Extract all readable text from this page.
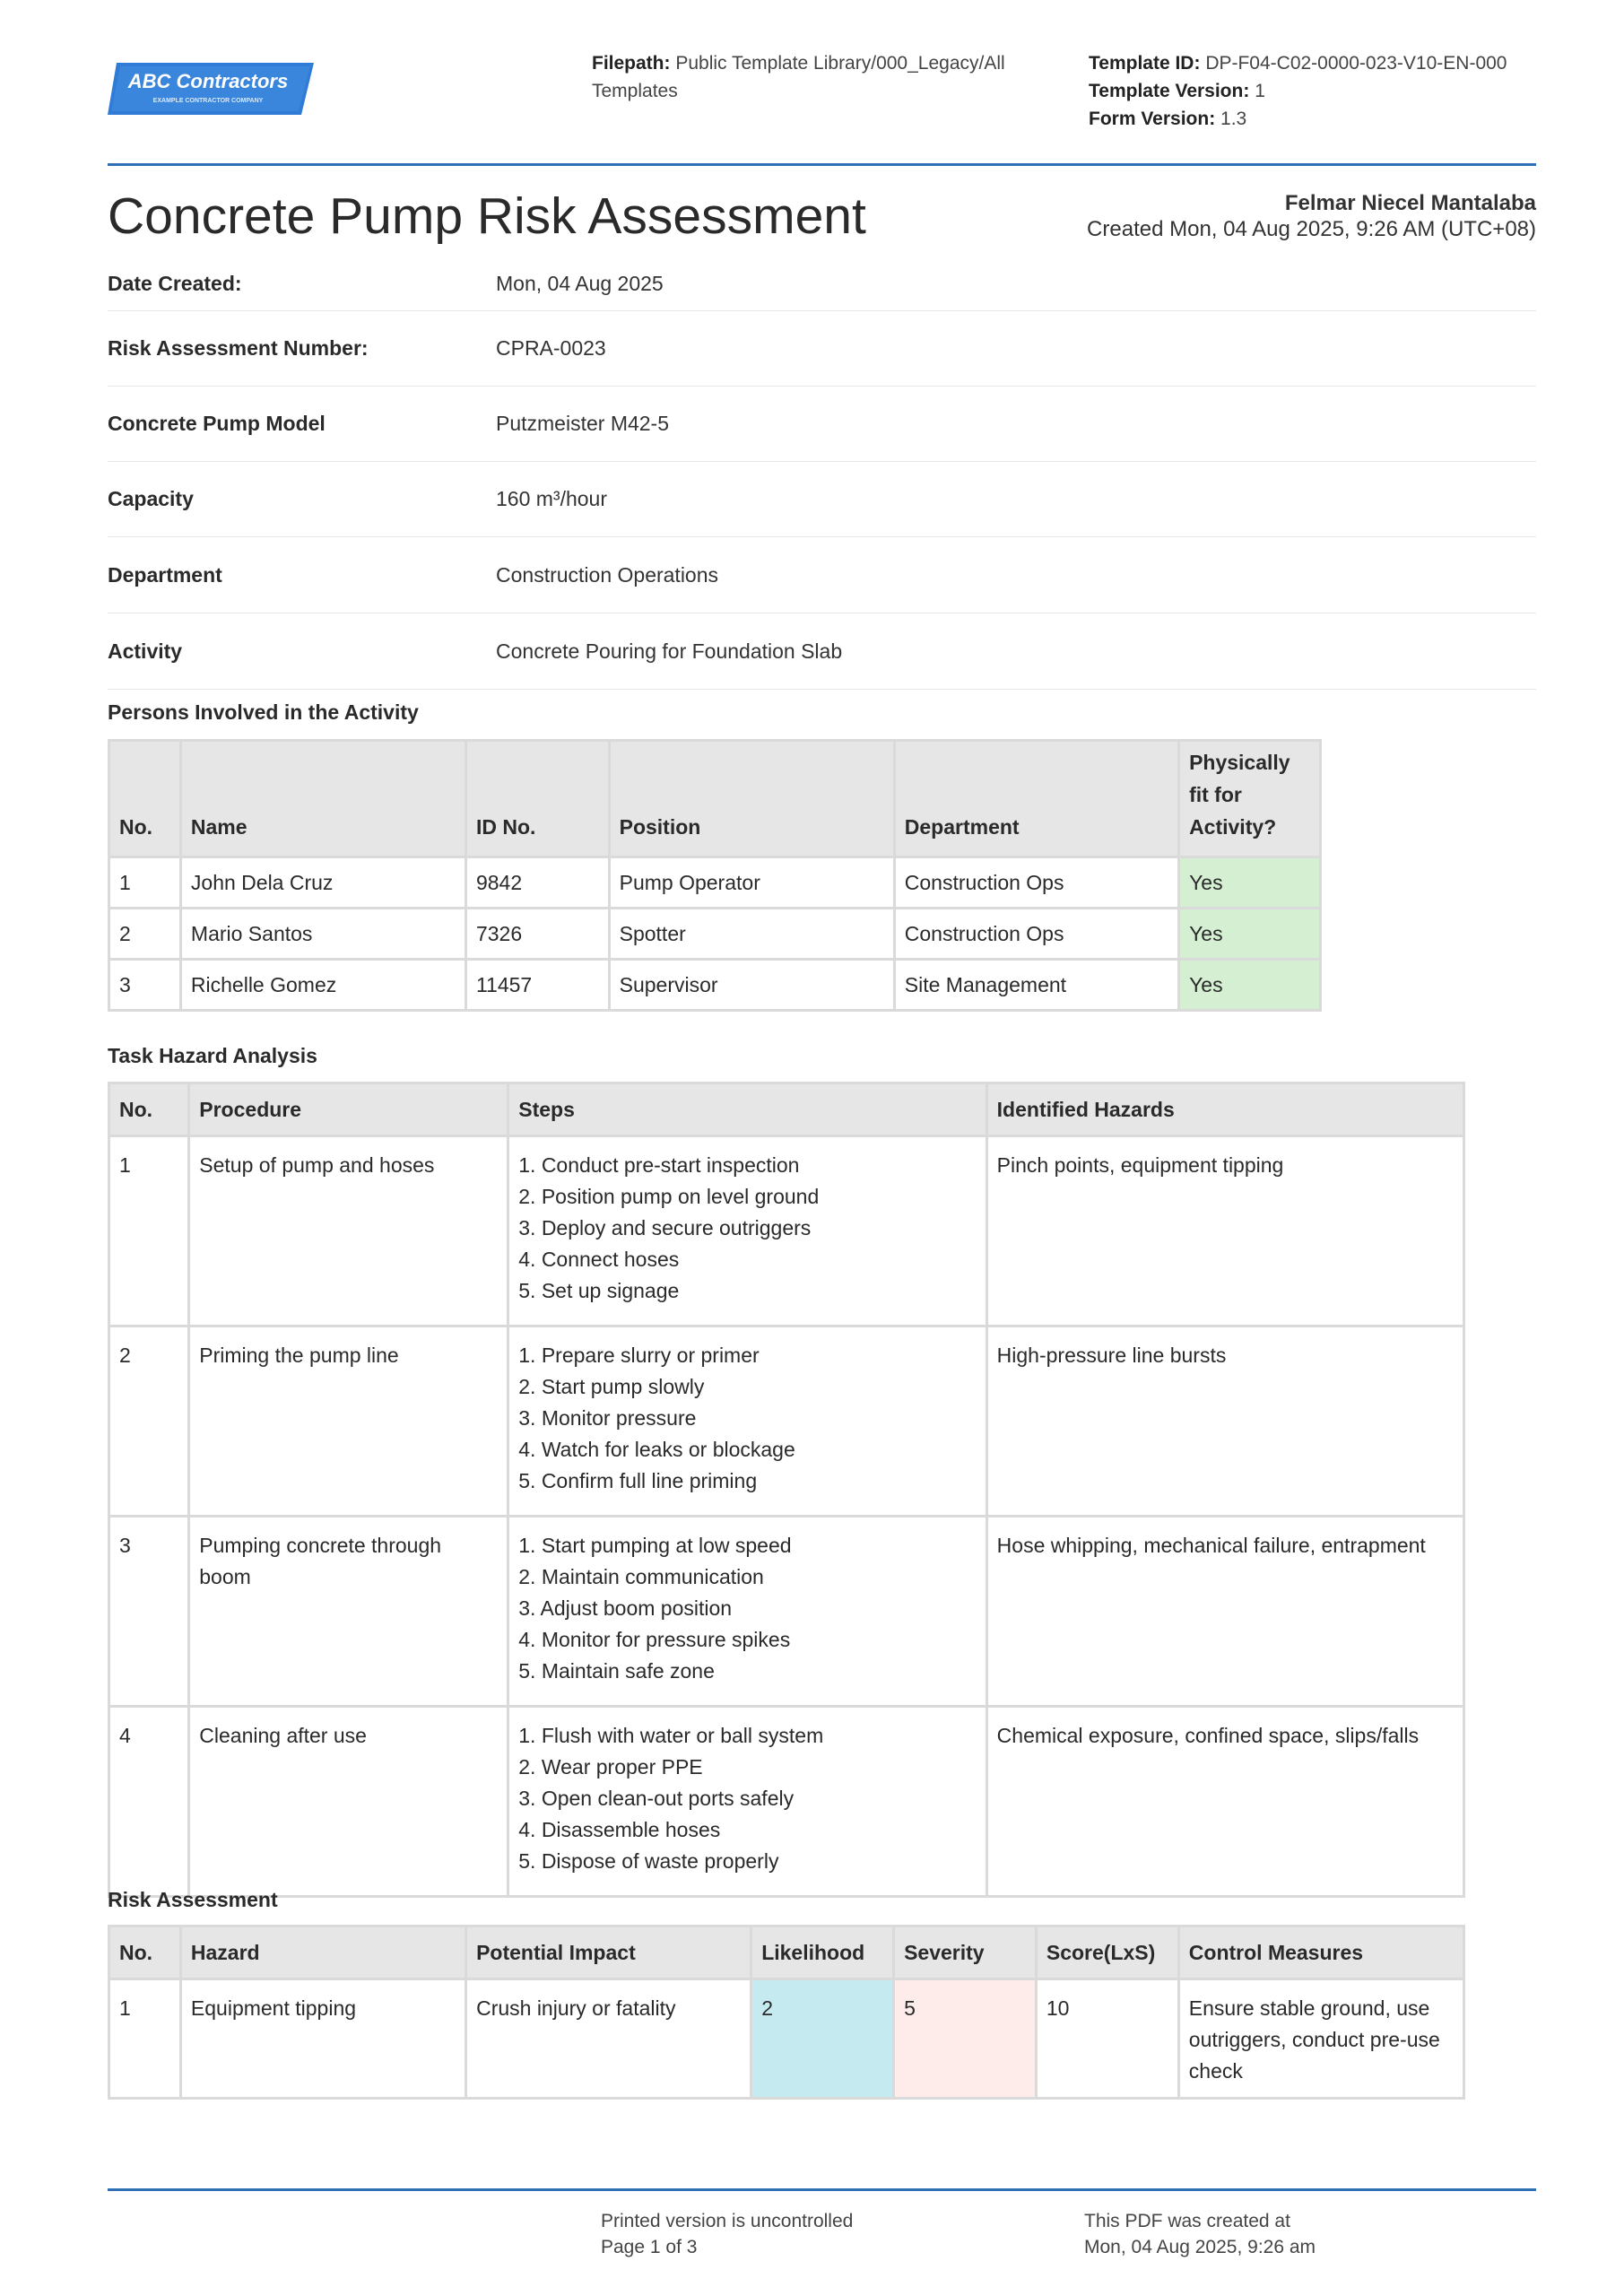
ABC Contractors
EXAMPLE CONTRACTOR COMPANY
Filepath: Public Template Library/000_Legacy/All Templates
Template ID: DP-F04-C02-0000-023-V10-EN-000
Template Version: 1
Form Version: 1.3
Concrete Pump Risk Assessment	Felmar Niecel Mantalaba
Created Mon, 04 Aug 2025, 9:26 AM (UTC+08)
Date Created:	Mon, 04 Aug 2025
Risk Assessment Number:	CPRA-0023
Concrete Pump Model	Putzmeister M42-5
Capacity	160 m³/hour
Department	Construction Operations
Activity	Concrete Pouring for Foundation Slab
Persons Involved in the Activity
No.	Name	ID No.	Position	Department	Physically fit for Activity?
1	John Dela Cruz	9842	Pump Operator	Construction Ops	Yes
2	Mario Santos	7326	Spotter	Construction Ops	Yes
3	Richelle Gomez	11457	Supervisor	Site Management	Yes
Task Hazard Analysis
No.	Procedure	Steps	Identified Hazards
1	Setup of pump and hoses	1. Conduct pre-start inspection
2. Position pump on level ground
3. Deploy and secure outriggers
4. Connect hoses
5. Set up signage	Pinch points, equipment tipping
2	Priming the pump line	1. Prepare slurry or primer
2. Start pump slowly
3. Monitor pressure
4. Watch for leaks or blockage
5. Confirm full line priming	High-pressure line bursts
3	Pumping concrete through boom	1. Start pumping at low speed
2. Maintain communication
3. Adjust boom position
4. Monitor for pressure spikes
5. Maintain safe zone	Hose whipping, mechanical failure, entrapment
4	Cleaning after use	1. Flush with water or ball system
2. Wear proper PPE
3. Open clean-out ports safely
4. Disassemble hoses
5. Dispose of waste properly	Chemical exposure, confined space, slips/falls
Risk Assessment
No.	Hazard	Potential Impact	Likelihood	Severity	Score(LxS)	Control Measures
1	Equipment tipping	Crush injury or fatality	2	5	10	Ensure stable ground, use outriggers, conduct pre-use check
Printed version is uncontrolled
Page 1 of 3
This PDF was created at
Mon, 04 Aug 2025, 9:26 am
